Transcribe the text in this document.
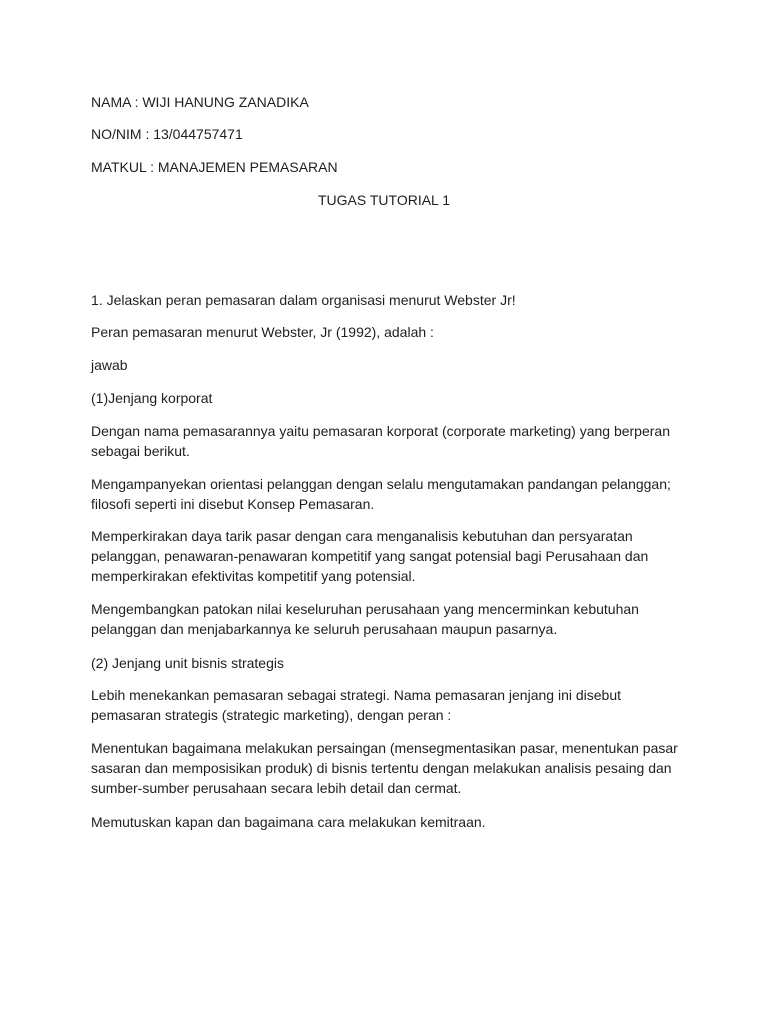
NAMA : WIJI HANUNG ZANADIKA
NO/NIM : 13/044757471
MATKUL : MANAJEMEN PEMASARAN
TUGAS TUTORIAL 1
1. Jelaskan peran pemasaran dalam organisasi menurut Webster Jr!
Peran pemasaran menurut Webster, Jr (1992), adalah :
jawab
(1)Jenjang korporat
Dengan nama pemasarannya yaitu pemasaran korporat (corporate marketing) yang berperan sebagai berikut.
Mengampanyekan orientasi pelanggan dengan selalu mengutamakan pandangan pelanggan; filosofi seperti ini disebut Konsep Pemasaran.
Memperkirakan daya tarik pasar dengan cara menganalisis kebutuhan dan persyaratan pelanggan, penawaran-penawaran kompetitif yang sangat potensial bagi Perusahaan dan memperkirakan efektivitas kompetitif yang potensial.
Mengembangkan patokan nilai keseluruhan perusahaan yang mencerminkan kebutuhan pelanggan dan menjabarkannya ke seluruh perusahaan maupun pasarnya.
(2) Jenjang unit bisnis strategis
Lebih menekankan pemasaran sebagai strategi. Nama pemasaran jenjang ini disebut pemasaran strategis (strategic marketing), dengan peran :
Menentukan bagaimana melakukan persaingan (mensegmentasikan pasar, menentukan pasar sasaran dan memposisikan produk) di bisnis tertentu dengan melakukan analisis pesaing dan sumber-sumber perusahaan secara lebih detail dan cermat.
Memutuskan kapan dan bagaimana cara melakukan kemitraan.
